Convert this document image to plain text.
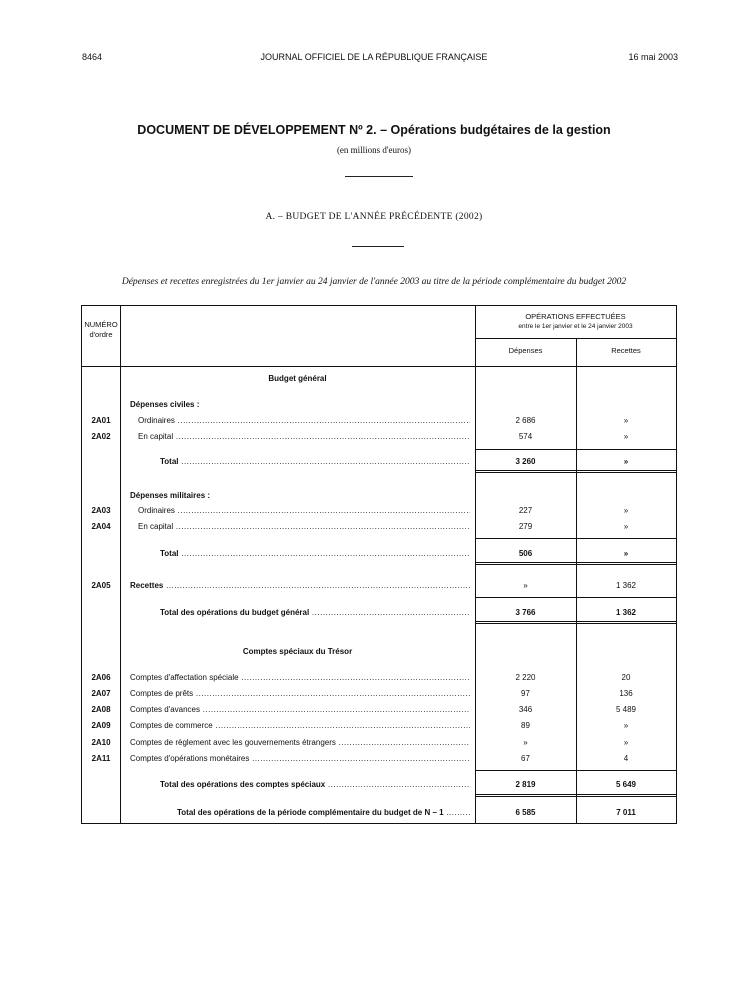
8464	JOURNAL OFFICIEL DE LA RÉPUBLIQUE FRANÇAISE	16 mai 2003
DOCUMENT DE DÉVELOPPEMENT Nº 2. – Opérations budgétaires de la gestion
(en millions d'euros)
A. – BUDGET DE L'ANNÉE PRÉCÉDENTE (2002)
Dépenses et recettes enregistrées du 1er janvier au 24 janvier de l'année 2003 au titre de la période complémentaire du budget 2002
NUMÉRO
d'ordre
OPÉRATIONS EFFECTUÉES
entre le 1er janvier et le 24 janvier 2003
Dépenses	Recettes
Budget général
Dépenses civiles :
2A01	Ordinaires .....	2 686	»
2A02	En capital .....	574	»
Total .....	3 260	»
Dépenses militaires :
2A03	Ordinaires .....	227	»
2A04	En capital .....	279	»
Total .....	506	»
2A05	Recettes .....	»	1 362
Total des opérations du budget général .....	3 766	1 362
Comptes spéciaux du Trésor
2A06	Comptes d'affectation spéciale .....	2 220	20
2A07	Comptes de prêts .....	97	136
2A08	Comptes d'avances .....	346	5 489
2A09	Comptes de commerce .....	89	»
2A10	Comptes de règlement avec les gouvernements étrangers .....	»	»
2A11	Comptes d'opérations monétaires .....	67	4
Total des opérations des comptes spéciaux .....	2 819	5 649
Total des opérations de la période complémentaire du budget de N – 1 .....	6 585	7 011
